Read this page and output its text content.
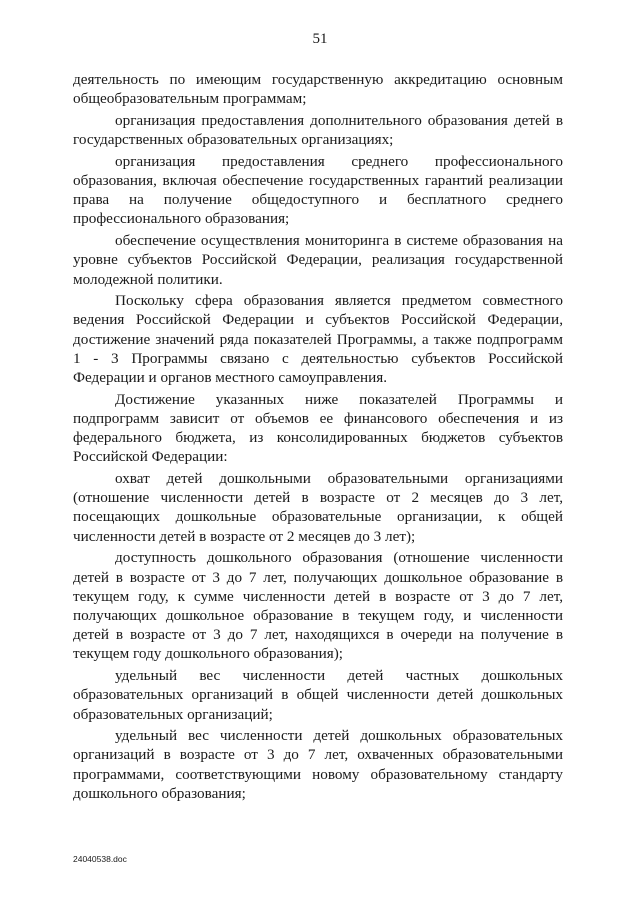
51

деятельность по имеющим государственную аккредитацию основным общеобразовательным программам;

организация предоставления дополнительного образования детей в государственных образовательных организациях;

организация предоставления среднего профессионального образования, включая обеспечение государственных гарантий реализации права на получение общедоступного и бесплатного среднего профессионального образования;

обеспечение осуществления мониторинга в системе образования на уровне субъектов Российской Федерации, реализация государственной молодежной политики.

Поскольку сфера образования является предметом совместного ведения Российской Федерации и субъектов Российской Федерации, достижение значений ряда показателей Программы, а также подпрограмм 1 - 3 Программы связано с деятельностью субъектов Российской Федерации и органов местного самоуправления.

Достижение указанных ниже показателей Программы и подпрограмм зависит от объемов ее финансового обеспечения и из федерального бюджета, из консолидированных бюджетов субъектов Российской Федерации:

охват детей дошкольными образовательными организациями (отношение численности детей в возрасте от 2 месяцев до 3 лет, посещающих дошкольные образовательные организации, к общей численности детей в возрасте от 2 месяцев до 3 лет);

доступность дошкольного образования (отношение численности детей в возрасте от 3 до 7 лет, получающих дошкольное образование в текущем году, к сумме численности детей в возрасте от 3 до 7 лет, получающих дошкольное образование в текущем году, и численности детей в возрасте от 3 до 7 лет, находящихся в очереди на получение в текущем году дошкольного образования);

удельный вес численности детей частных дошкольных образовательных организаций в общей численности детей дошкольных образовательных организаций;

удельный вес численности детей дошкольных образовательных организаций в возрасте от 3 до 7 лет, охваченных образовательными программами, соответствующими новому образовательному стандарту дошкольного образования;

24040538.doc
